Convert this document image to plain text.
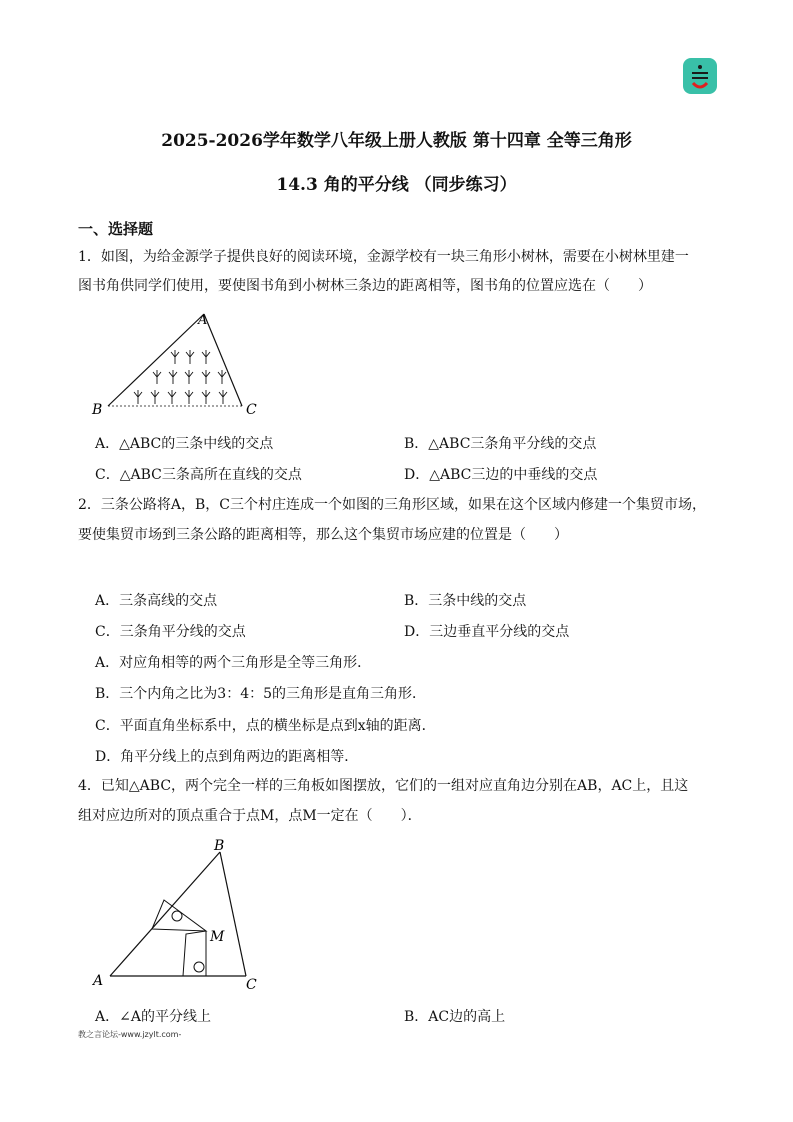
2025-2026学年数学八年级上册人教版 第十四章 全等三角形
14.3 角的平分线 （同步练习）
一、选择题
1．如图，为给金源学子提供良好的阅读环境，金源学校有一块三角形小树林，需要在小树林里建一
图书角供同学们使用，要使图书角到小树林三条边的距离相等，图书角的位置应选在（　　）
A
B	C
A．△ABC的三条中线的交点	B．△ABC三条角平分线的交点
C．△ABC三条高所在直线的交点	D．△ABC三边的中垂线的交点
2．三条公路将A，B，C三个村庄连成一个如图的三角形区域，如果在这个区域内修建一个集贸市场，
要使集贸市场到三条公路的距离相等，那么这个集贸市场应建的位置是（　　）
A．三条高线的交点	B．三条中线的交点
C．三条角平分线的交点	D．三边垂直平分线的交点
A．对应角相等的两个三角形是全等三角形．
B．三个内角之比为3：4：5的三角形是直角三角形．
C．平面直角坐标系中，点的横坐标是点到x轴的距离．
D．角平分线上的点到角两边的距离相等．
4．已知△ABC，两个完全一样的三角板如图摆放，它们的一组对应直角边分别在AB，AC上，且这
组对应边所对的顶点重合于点M，点M一定在（　　）．
B
A	C
M
A．∠A的平分线上	B．AC边的高上
教之言论坛-www.jzylt.com-
